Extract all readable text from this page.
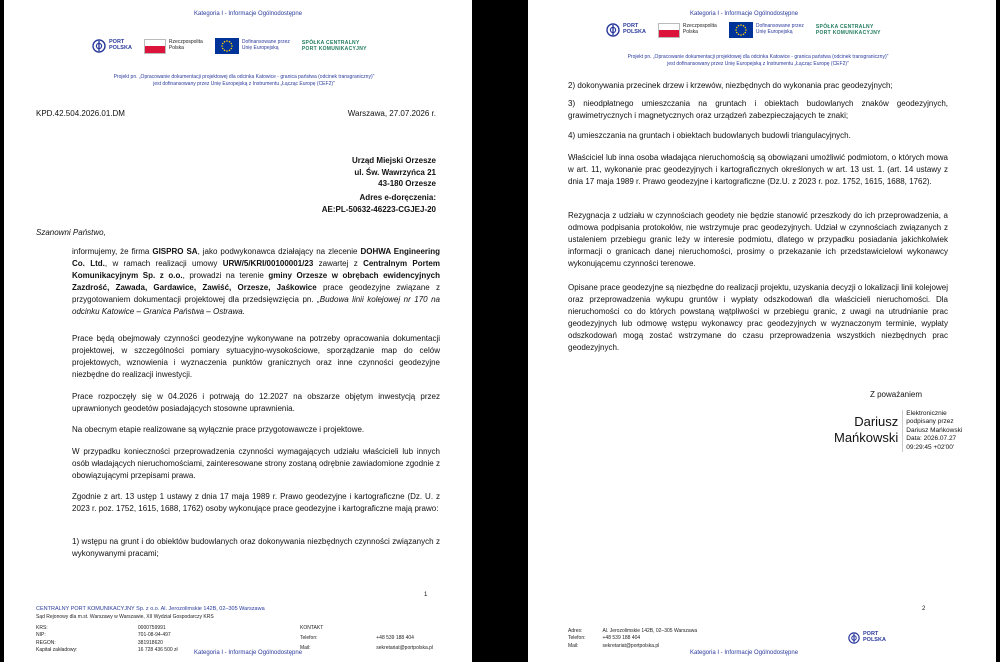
Kategoria I - Informacje Ogólnodostępne
PORT
POLSKA
Rzeczpospolita
Polska
Dofinansowane przez
Unię Europejską
SPÓŁKA CENTRALNY
PORT KOMUNIKACYJNY
Projekt pn. „Opracowanie dokumentacji projektowej dla odcinka Katowice - granica państwa (odcinek transgraniczny)"
jest dofinansowany przez Unię Europejską z Instrumentu „Łącząc Europę (CEF2)"
KPD.42.504.2026.01.DM	Warszawa, 27.07.2026 r.
Urząd Miejski Orzesze
ul. Św. Wawrzyńca 21
43-180 Orzesze
Adres e-doręczenia:
AE:PL-50632-46223-CGJEJ-20
Szanowni Państwo,
informujemy, że firma GISPRO SA, jako podwykonawca działający na zlecenie DOHWA Engineering Co. Ltd., w ramach realizacji umowy URW/5/KRI/00100001/23 zawartej z Centralnym Portem Komunikacyjnym Sp. z o.o., prowadzi na terenie gminy Orzesze w obrębach ewidencyjnych Zazdrość, Zawada, Gardawice, Zawiść, Orzesze, Jaśkowice prace geodezyjne związane z przygotowaniem dokumentacji projektowej dla przedsięwzięcia pn. „Budowa linii kolejowej nr 170 na odcinku Katowice – Granica Państwa – Ostrawa.
Prace będą obejmowały czynności geodezyjne wykonywane na potrzeby opracowania dokumentacji projektowej, w szczególności pomiary sytuacyjno-wysokościowe, sporządzanie map do celów projektowych, wznowienia i wyznaczenia punktów granicznych oraz inne czynności geodezyjne niezbędne do realizacji inwestycji.
Prace rozpoczęły się w 04.2026 i potrwają do 12.2027 na obszarze objętym inwestycją przez uprawnionych geodetów posiadających stosowne uprawnienia.
Na obecnym etapie realizowane są wyłącznie prace przygotowawcze i projektowe.
W przypadku konieczności przeprowadzenia czynności wymagających udziału właścicieli lub innych osób władających nieruchomościami, zainteresowane strony zostaną odrębnie zawiadomione zgodnie z obowiązującymi przepisami prawa.
Zgodnie z art. 13 ustęp 1 ustawy z dnia 17 maja 1989 r. Prawo geodezyjne i kartograficzne (Dz. U. z 2023 r. poz. 1752, 1615, 1688, 1762) osoby wykonujące prace geodezyjne i kartograficzne mają prawo:
1) wstępu na grunt i do obiektów budowlanych oraz dokonywania niezbędnych czynności związanych z wykonywanymi pracami;
1
CENTRALNY PORT KOMUNIKACYJNY Sp. z o.o. Al. Jerozolimskie 142B, 02–305 Warszawa
Sąd Rejonowy dla m.st. Warszawy w Warszawie, XII Wydział Gospodarczy KRS
KRS:	0000759991
NIP:	701-08-94-497
REGON:	381918620
Kapitał zakładowy:	16 728 436 500 zł
KONTAKT	
Telefon:	+48 539 188 404
Mail:	sekretariat@portpolska.pl
Kategoria I - Informacje Ogólnodostępne
Kategoria I - Informacje Ogólnodostępne
PORT
POLSKA
Rzeczpospolita
Polska
Dofinansowane przez
Unię Europejską
SPÓŁKA CENTRALNY
PORT KOMUNIKACYJNY
Projekt pn. „Opracowanie dokumentacji projektowej dla odcinka Katowice - granica państwa (odcinek transgraniczny)"
jest dofinansowany przez Unię Europejską z Instrumentu „Łącząc Europę (CEF2)"
2) dokonywania przecinek drzew i krzewów, niezbędnych do wykonania prac geodezyjnych;
3) nieodpłatnego umieszczania na gruntach i obiektach budowlanych znaków geodezyjnych, grawimetrycznych i magnetycznych oraz urządzeń zabezpieczających te znaki;
4) umieszczania na gruntach i obiektach budowlanych budowli triangulacyjnych.
Właściciel lub inna osoba władająca nieruchomością są obowiązani umożliwić podmiotom, o których mowa w art. 11, wykonanie prac geodezyjnych i kartograficznych określonych w art. 13 ust. 1. (art. 14 ustawy z dnia 17 maja 1989 r. Prawo geodezyjne i kartograficzne (Dz.U. z 2023 r. poz. 1752, 1615, 1688, 1762).
Rezygnacja z udziału w czynnościach geodety nie będzie stanowić przeszkody do ich przeprowadzenia, a odmowa podpisania protokołów, nie wstrzymuje prac geodezyjnych. Udział w czynnościach związanych z ustaleniem przebiegu granic leży w interesie podmiotu, dlatego w przypadku posiadania jakichkolwiek informacji o granicach danej nieruchomości, prosimy o przekazanie ich przedstawicielowi wykonawcy wykonującemu czynności terenowe.
Opisane prace geodezyjne są niezbędne do realizacji projektu, uzyskania decyzji o lokalizacji linii kolejowej oraz przeprowadzenia wykupu gruntów i wypłaty odszkodowań dla właścicieli nieruchomości. Dla nieruchomości co do których powstaną wątpliwości w przebiegu granic, z uwagi na utrudnianie prac geodezyjnych lub odmowę wstępu wykonawcy prac geodezyjnych w wyznaczonym terminie, wypłaty odszkodowań mogą zostać wstrzymane do czasu przeprowadzenia wszystkich niezbędnych prac geodezyjnych.
Z poważaniem
Dariusz
Mańkowski
Elektronicznie
podpisany przez
Dariusz Mańkowski
Data: 2026.07.27
09:29:45 +02'00'
2
Adres:	Al. Jerozolimskie 142B, 02–305 Warszawa
Telefon:	+48 539 188 404
Mail:	sekretariat@portpolska.pl
PORT
POLSKA
Kategoria I - Informacje Ogólnodostępne
